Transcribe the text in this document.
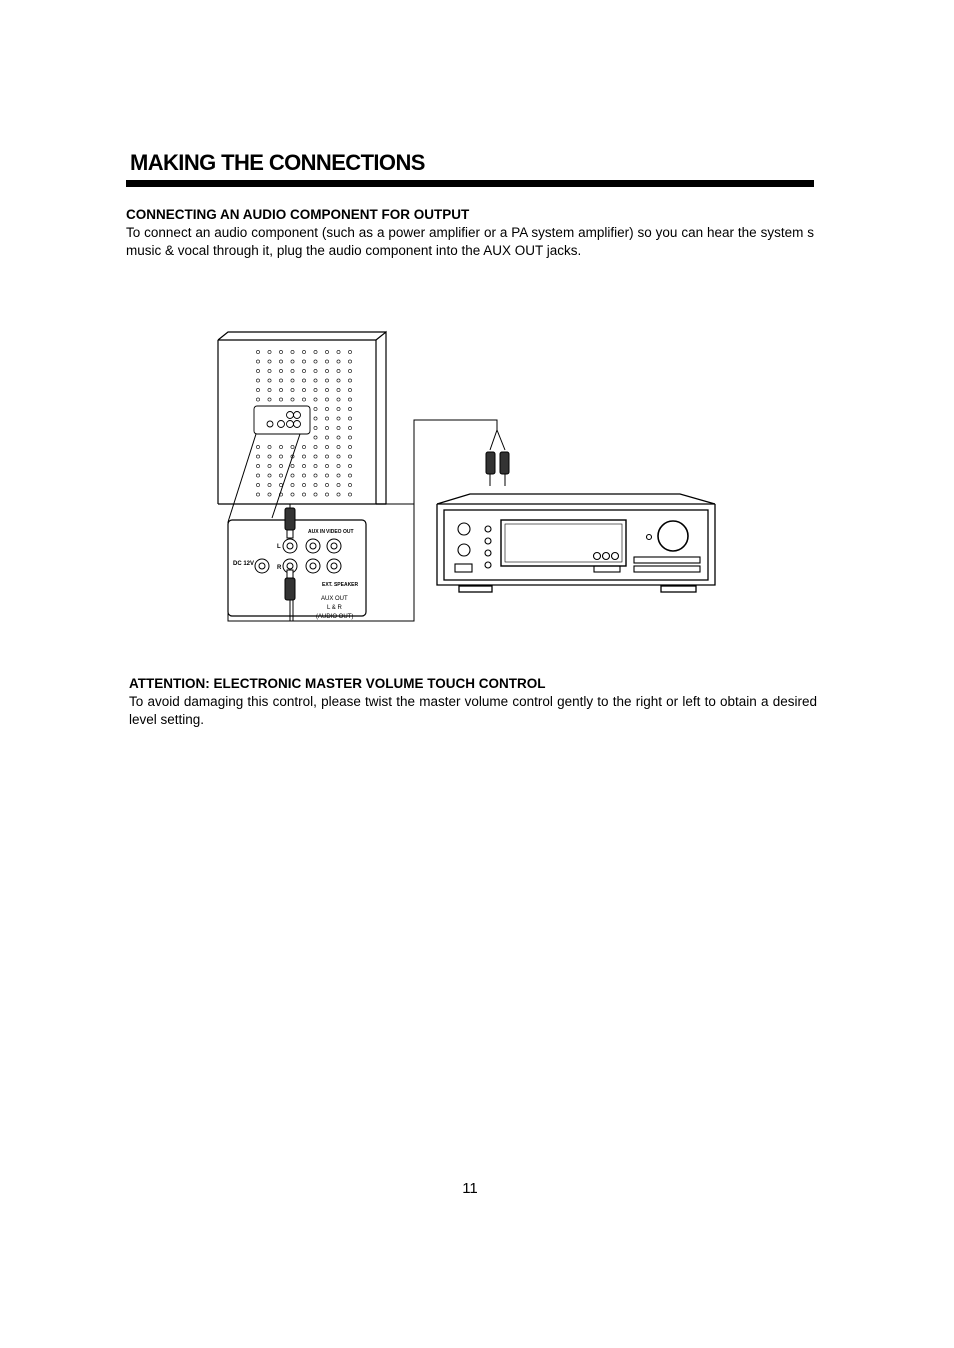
MAKING THE CONNECTIONS
CONNECTING AN AUDIO COMPONENT FOR OUTPUT

To connect an audio component (such as a power amplifier or a PA system amplifier) so you can hear the system s music & vocal through it, plug the audio component into the AUX OUT jacks.

AUX IN VIDEO OUT
L
R
DC 12V
EXT. SPEAKER
AUX OUT
L & R
(AUDIO OUT)
ATTENTION: ELECTRONIC MASTER VOLUME TOUCH CONTROL

To avoid damaging this control, please twist the master volume control gently to the right or left to obtain a desired level setting.

11
